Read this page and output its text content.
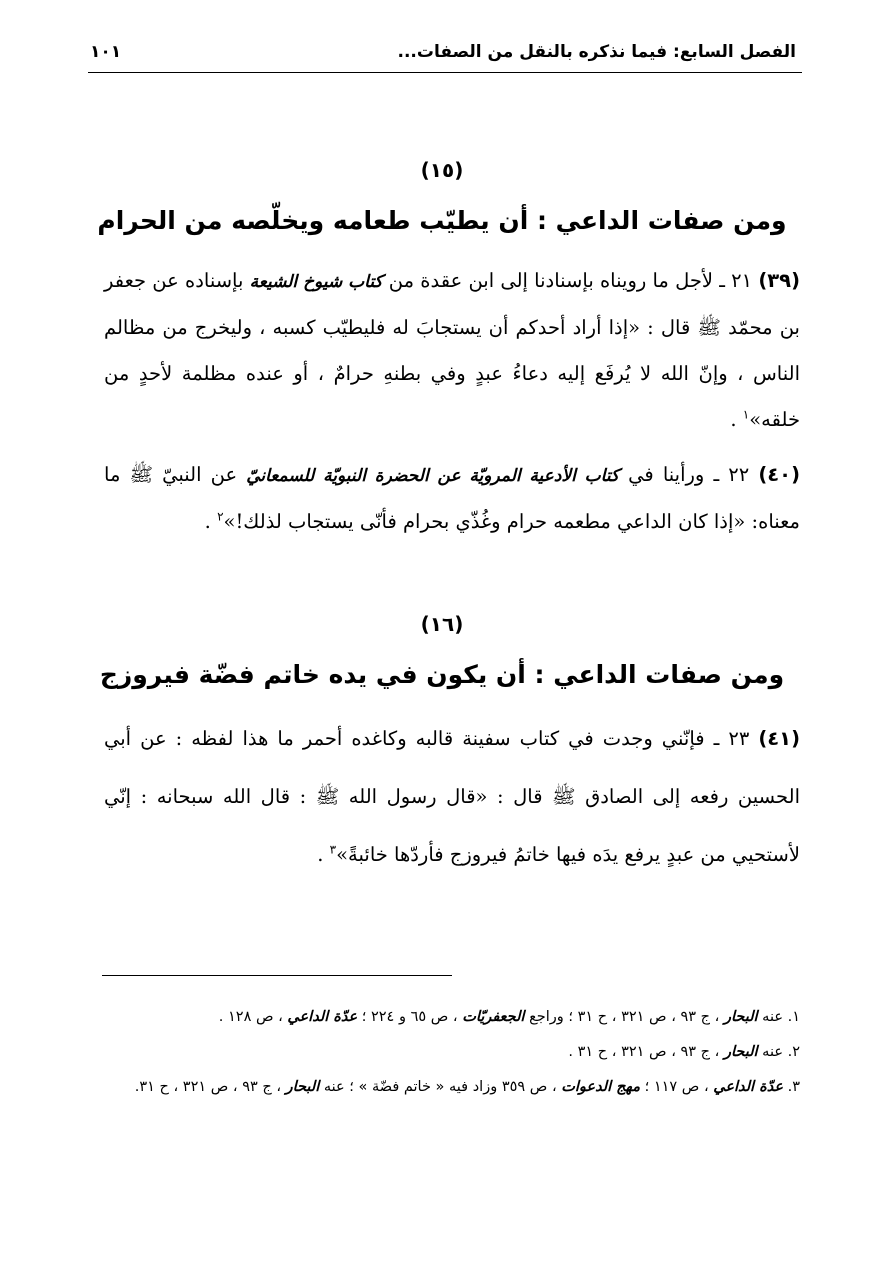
الفصل السابع: فيما نذكره بالنقل من الصفات...
١٠١
(١٥)
ومن صفات الداعي : أن يطيّب طعامه ويخلّصه من الحرام
(٣٩) ٢١ ـ لأجل ما رويناه بإسنادنا إلى ابن عقدة من كتاب شيوخ الشيعة بإسناده عن جعفر بن محمّد ﷺ قال : «إذا أراد أحدكم أن يستجابَ له فليطيّب كسبه ، وليخرج من مظالم الناس ، وإنّ الله لا يُرفَع إليه دعاءُ عبدٍ وفي بطنهِ حرامٌ ، أو عنده مظلمة لأحدٍ من خلقه»$^١$ .
(٤٠) ٢٢ ـ ورأينا في كتاب الأدعية المرويّة عن الحضرة النبويّة للسمعانيّ عن النبيّ ﷺ ما معناه: «إذا كان الداعي مطعمه حرام وغُذّي بحرام فأنّى يستجاب لذلك!»$^٢$ .
(١٦)
ومن صفات الداعي : أن يكون في يده خاتم فضّة فيروزج
(٤١) ٢٣ ـ فإنّني وجدت في كتاب سفينة قالبه وكاغده أحمر ما هذا لفظه : عن أبي الحسين رفعه إلى الصادق ﷺ قال : «قال رسول الله ﷺ : قال الله سبحانه : إنّي لأستحيي من عبدٍ يرفع يدَه فيها خاتمُ فيروزج فأردّها خائبةً»$^٣$ .

١. عنه البحار ، ج ٩٣ ، ص ٣٢١ ، ح ٣١ ؛ وراجع الجعفريّات ، ص ٦٥ و ٢٢٤ ؛ عدّة الداعي ، ص ١٢٨ .

٢. عنه البحار ، ج ٩٣ ، ص ٣٢١ ، ح ٣١ .

٣. عدّة الداعي ، ص ١١٧ ؛ مهج الدعوات ، ص ٣٥٩ وزاد فيه « خاتم فضّة » ؛ عنه البحار ، ج ٩٣ ، ص ٣٢١ ، ح ٣١.
